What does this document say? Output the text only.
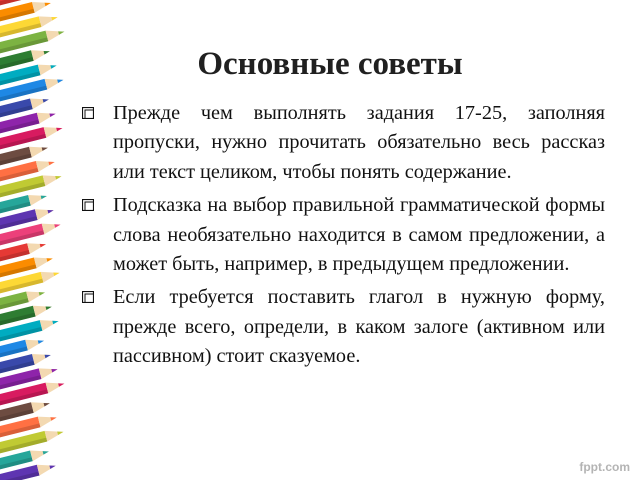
Основные советы
Прежде чем выполнять задания 17-25, заполняя пропуски, нужно прочитать обязательно весь рассказ или текст целиком, чтобы понять содержание.
Подсказка на выбор правильной грамматической формы слова необязательно находится в самом предложении, а может быть, например, в предыдущем предложении.
Если требуется поставить глагол в нужную форму, прежде всего, определи, в каком залоге (активном или пассивном) стоит сказуемое.
fppt.com
